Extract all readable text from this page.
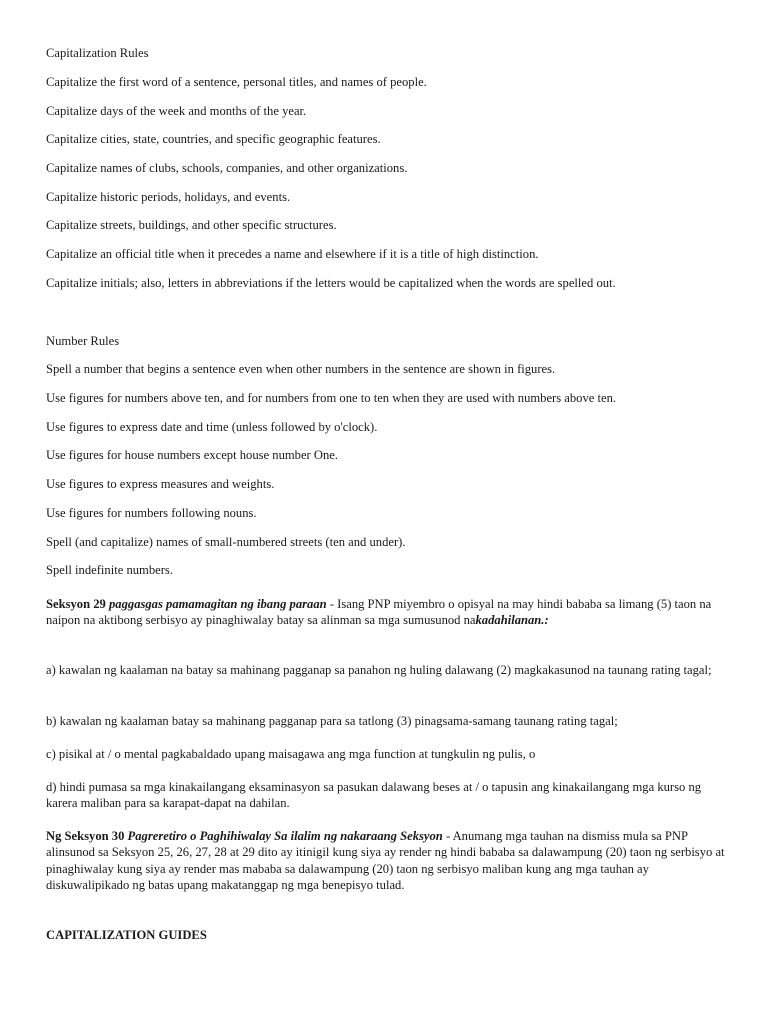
Capitalization Rules
Capitalize the first word of a sentence, personal titles, and names of people.
Capitalize days of the week and months of the year.
Capitalize cities, state, countries, and specific geographic features.
Capitalize names of clubs, schools, companies, and other organizations.
Capitalize historic periods, holidays, and events.
Capitalize streets, buildings, and other specific structures.
Capitalize an official title when it precedes a name and elsewhere if it is a title of high distinction.
Capitalize initials; also, letters in abbreviations if the letters would be capitalized when the words are spelled out.
Number Rules
Spell a number that begins a sentence even when other numbers in the sentence are shown in figures.
Use figures for numbers above ten, and for numbers from one to ten when they are used with numbers above ten.
Use figures to express date and time (unless followed by o'clock).
Use figures for house numbers except house number One.
Use figures to express measures and weights.
Use figures for numbers following nouns.
Spell (and capitalize) names of small-numbered streets (ten and under).
Spell indefinite numbers.
Seksyon 29 paggasgas pamamagitan ng ibang paraan - Isang PNP miyembro o opisyal na may hindi bababa sa limang (5) taon na naipon na aktibong serbisyo ay pinaghiwalay batay sa alinman sa mga sumusunod nakadahilanan.:
a) kawalan ng kaalaman na batay sa mahinang pagganap sa panahon ng huling dalawang (2) magkakasunod na taunang rating tagal;
b) kawalan ng kaalaman batay sa mahinang pagganap para sa tatlong (3) pinagsama-samang taunang rating tagal;
c) pisikal at / o mental pagkabaldado upang maisagawa ang mga function at tungkulin ng pulis, o
d) hindi pumasa sa mga kinakailangang eksaminasyon sa pasukan dalawang beses at / o tapusin ang kinakailangang mga kurso ng karera maliban para sa karapat-dapat na dahilan.
Ng Seksyon 30 Pagreretiro o Paghihiwalay Sa ilalim ng nakaraang Seksyon - Anumang mga tauhan na dismiss mula sa PNP alinsunod sa Seksyon 25, 26, 27, 28 at 29 dito ay itinigil kung siya ay render ng hindi bababa sa dalawampung (20) taon ng serbisyo at pinaghiwalay kung siya ay render mas mababa sa dalawampung (20) taon ng serbisyo maliban kung ang mga tauhan ay diskuwalipikado ng batas upang makatanggap ng mga benepisyo tulad.
CAPITALIZATION GUIDES
